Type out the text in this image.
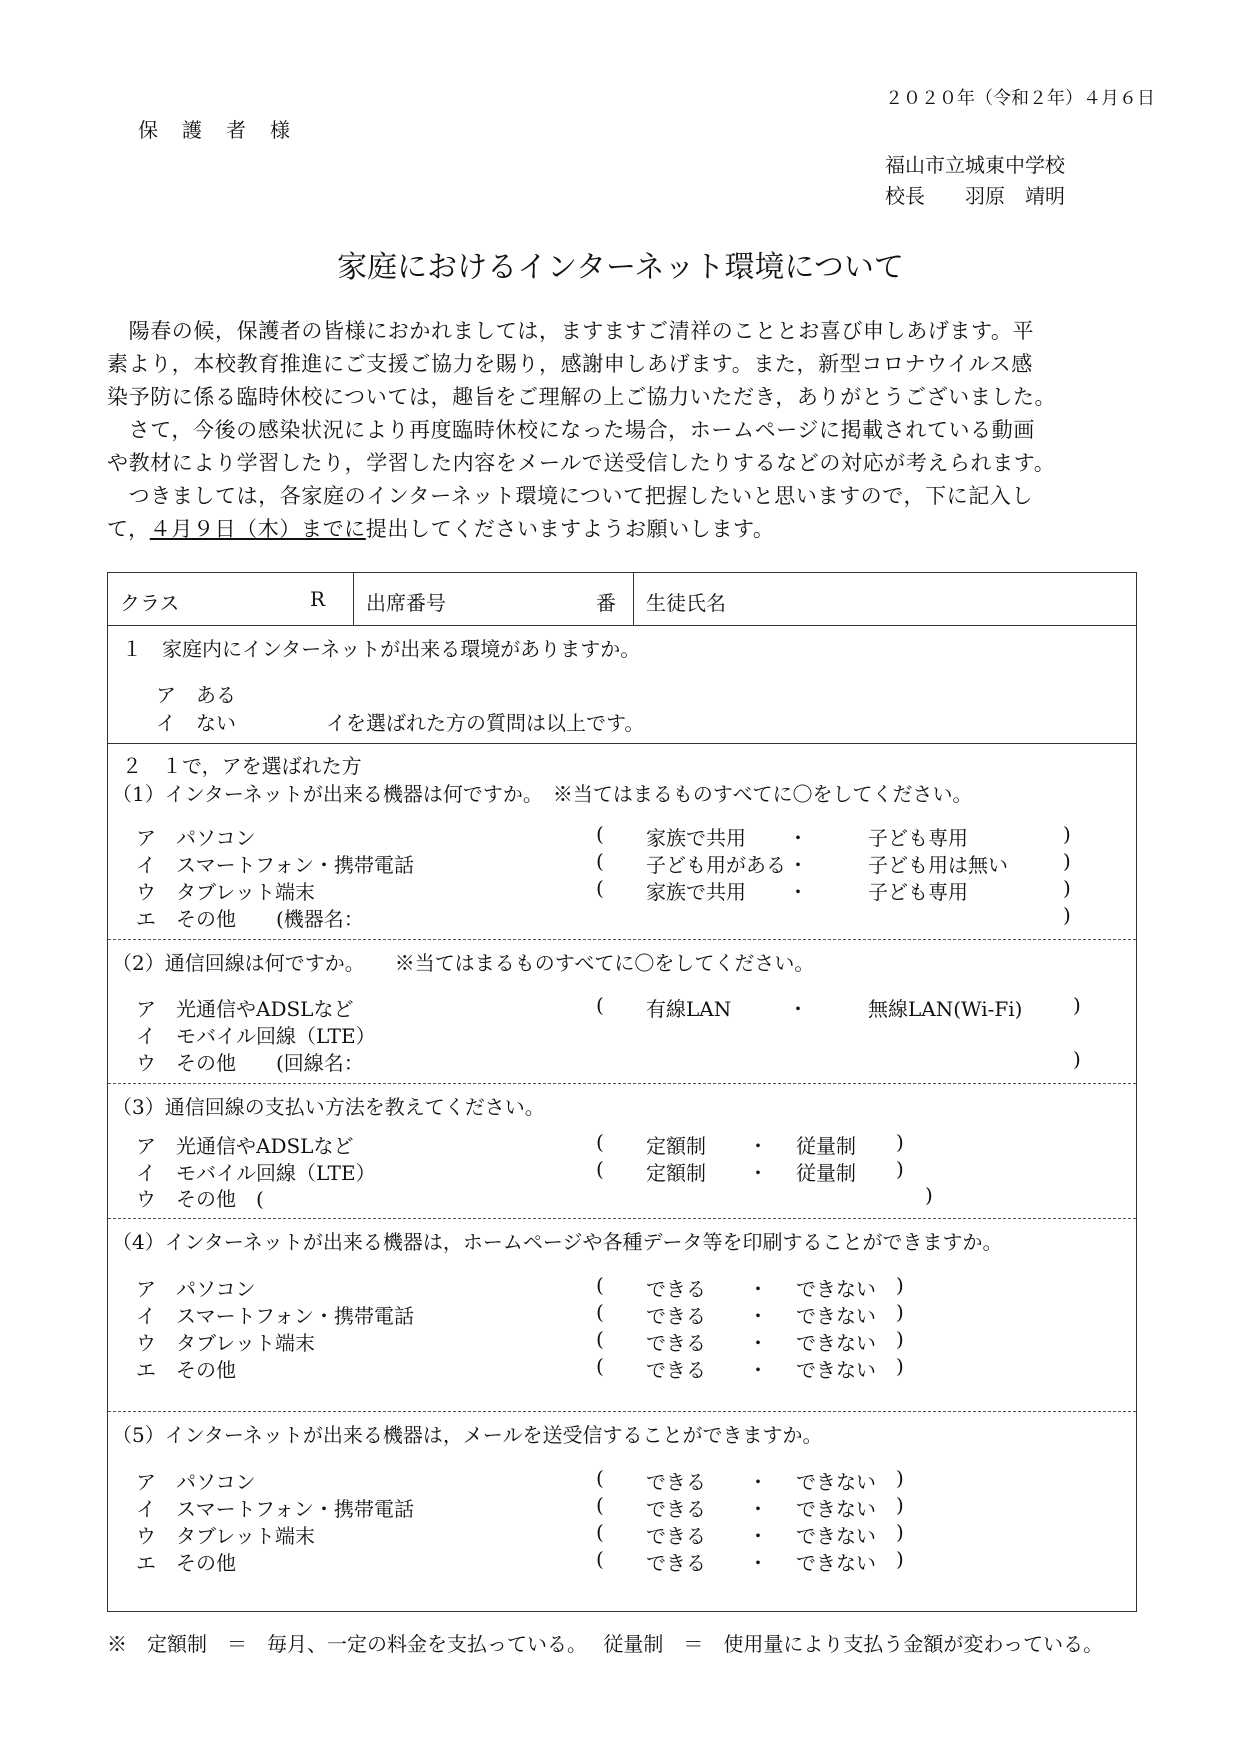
２０２０年（令和２年）４月６日
保　護　者　様
福山市立城東中学校
校長　　羽原　靖明
家庭におけるインターネット環境について
　陽春の候，保護者の皆様におかれましては，ますますご清祥のこととお喜び申しあげます。平
素より，本校教育推進にご支援ご協力を賜り，感謝申しあげます。また，新型コロナウイルス感
染予防に係る臨時休校については，趣旨をご理解の上ご協力いただき，ありがとうございました。
　さて，今後の感染状況により再度臨時休校になった場合，ホームページに掲載されている動画
や教材により学習したり，学習した内容をメールで送受信したりするなどの対応が考えられます。
　つきましては，各家庭のインターネット環境について把握したいと思いますので，下に記入し
て，４月９日（木）までに提出してくださいますようお願いします。
クラス	R 出席番号	番 生徒氏名
１　家庭内にインターネットが出来る環境がありますか。
ア　ある
イ　ない	イを選ばれた方の質問は以上です。
２　１で，アを選ばれた方
（1）インターネットが出来る機器は何ですか。　※当てはまるものすべてに〇をしてください。
ア　パソコン	( 家族で共用 ・	子ども専用	)
イ　スマートフォン・携帯電話	( 子ども用がある ・	子ども用は無い	)
ウ　タブレット端末	( 家族で共用 ・	子ども専用	)
エ　その他　　(機器名：	)
（2）通信回線は何ですか。　　※当てはまるものすべてに〇をしてください。
ア　光通信やADSLなど	( 有線LAN	・	無線LAN(Wi-Fi)	)
イ　モバイル回線（LTE）
ウ　その他　　(回線名：	)
（3）通信回線の支払い方法を教えてください。
ア　光通信やADSLなど	( 定額制 ・ 従量制 )
イ　モバイル回線（LTE）	( 定額制 ・ 従量制 )
ウ　その他　(	)
（4）インターネットが出来る機器は，ホームページや各種データ等を印刷することができますか。
ア　パソコン	( できる ・ できない )
イ　スマートフォン・携帯電話	( できる ・ できない )
ウ　タブレット端末	( できる ・ できない )
エ　その他	( できる ・ できない )
（5）インターネットが出来る機器は，メールを送受信することができますか。
ア　パソコン	( できる ・ できない )
イ　スマートフォン・携帯電話	( できる ・ できない )
ウ　タブレット端末	( できる ・ できない )
エ　その他	( できる ・ できない )
※　定額制　＝　毎月、一定の料金を支払っている。　 従量制　＝　使用量により支払う金額が変わっている。
